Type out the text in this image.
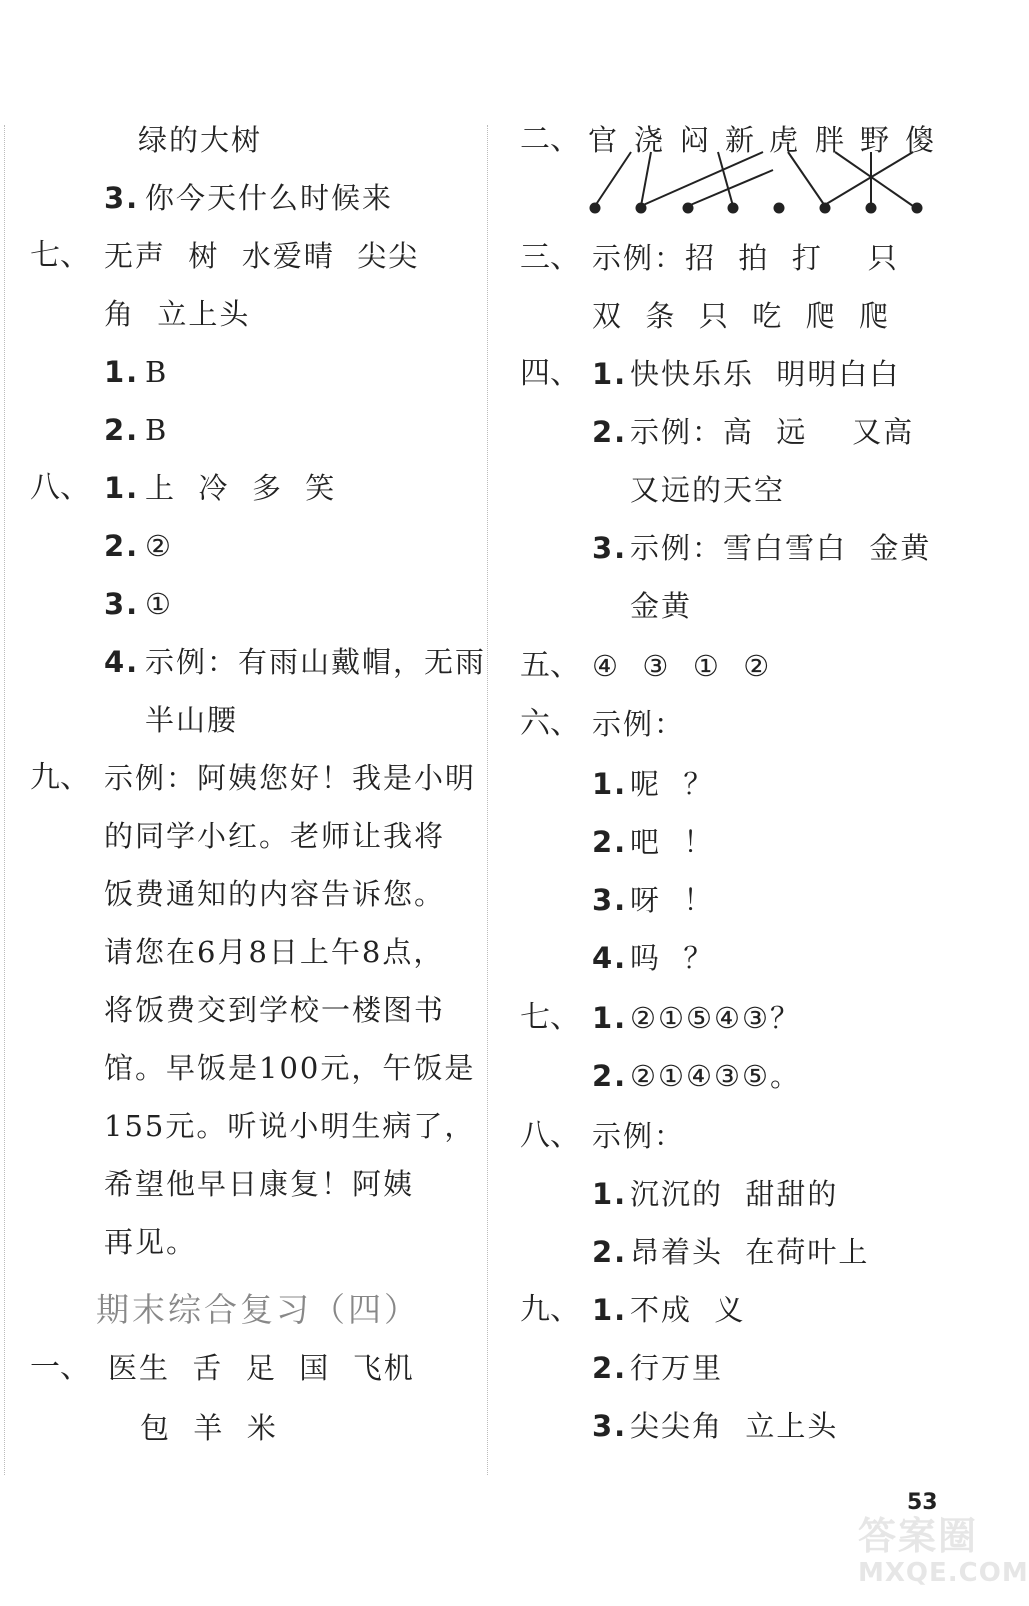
绿的大树
3. 你今天什么时候来
七、 无声  树  水爱晴  尖尖
角  立上头
1. B
2. B
八、 1. 上  冷  多  笑
2. ②
3. ①
4. 示例：有雨山戴帽，无雨
半山腰
九、 示例：阿姨您好！我是小明
的同学小红。老师让我将
饭费通知的内容告诉您。
请您在6月8日上午8点，
将饭费交到学校一楼图书
馆。早饭是100元，午饭是
155元。听说小明生病了，
希望他早日康复！阿姨
再见。
期末综合复习（四）
一、 医生  舌  足  国  飞机
包  羊  米
二、 官 浇 闷 新 虎 胖 野 傻
三、 示例：招  拍  打    只
双  条  只  吃  爬  爬
四、 1. 快快乐乐  明明白白
2. 示例：高  远    又高
又远的天空
3. 示例：雪白雪白  金黄
金黄
五、 ④  ③  ①  ②
六、 示例：
1. 呢  ？
2. 吧  ！
3. 呀  ！
4. 吗  ？
七、 1. ②①⑤④③？
2. ②①④③⑤。
八、 示例：
1. 沉沉的  甜甜的
2. 昂着头  在荷叶上
九、 1. 不成  义
2. 行万里
3. 尖尖角  立上头
53
答案圈
MXQE.COM
